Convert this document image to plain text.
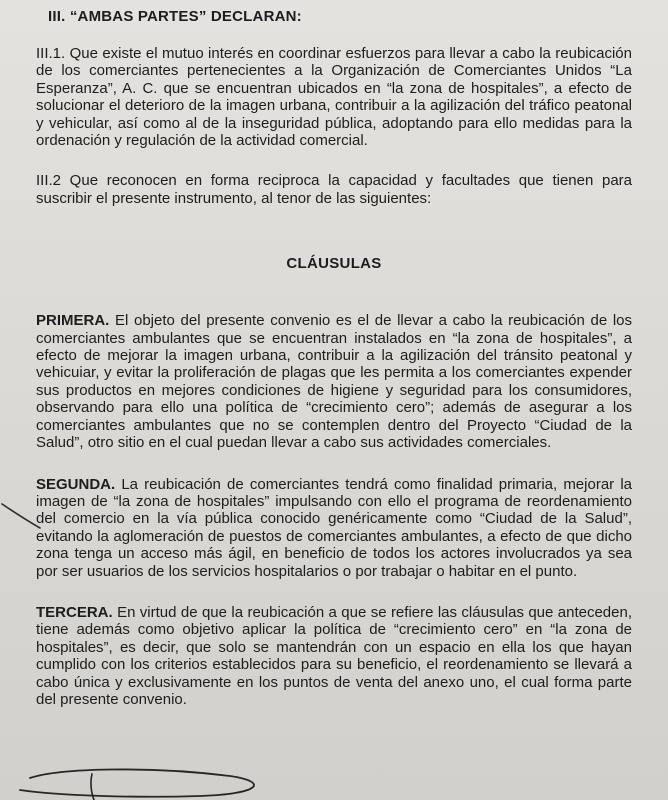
III. “AMBAS PARTES” DECLARAN:

III.1. Que existe el mutuo interés en coordinar esfuerzos para llevar a cabo la reubicación de los comerciantes pertenecientes a la Organización de Comerciantes Unidos “La Esperanza”, A. C. que se encuentran ubicados en “la zona de hospitales”, a efecto de solucionar el deterioro de la imagen urbana, contribuir a la agilización del tráfico peatonal y vehicular, así como al de la inseguridad pública, adoptando para ello medidas para la ordenación y regulación de la actividad comercial.

III.2 Que reconocen en forma reciproca la capacidad y facultades que tienen para suscribir el presente instrumento, al tenor de las siguientes:

CLÁUSULAS

PRIMERA. El objeto del presente convenio es el de llevar a cabo la reubicación de los comerciantes ambulantes que se encuentran instalados en “la zona de hospitales”, a efecto de mejorar la imagen urbana, contribuir a la agilización del tránsito peatonal y vehicuiar, y evitar la proliferación de plagas que les permita a los comerciantes expender sus productos en mejores condiciones de higiene y seguridad para los consumidores, observando para ello una política de “crecimiento cero”; además de asegurar a los comerciantes ambulantes que no se contemplen dentro del Proyecto “Ciudad de la Salud”, otro sitio en el cual puedan llevar a cabo sus actividades comerciales.

SEGUNDA. La reubicación de comerciantes tendrá como finalidad primaria, mejorar la imagen de “la zona de hospitales” impulsando con ello el programa de reordenamiento del comercio en la vía pública conocido genéricamente como “Ciudad de la Salud”, evitando la aglomeración de puestos de comerciantes ambulantes, a efecto de que dicho zona tenga un acceso más ágil, en beneficio de todos los actores involucrados ya sea por ser usuarios de los servicios hospitalarios o por trabajar o habitar en el punto.

TERCERA. En virtud de que la reubicación a que se refiere las cláusulas que anteceden, tiene además como objetivo aplicar la política de “crecimiento cero” en “la zona de hospitales”, es decir, que solo se mantendrán con un espacio en ella los que hayan cumplido con los criterios establecidos para su beneficio, el reordenamiento se llevará a cabo única y exclusivamente en los puntos de venta del anexo uno, el cual forma parte del presente convenio.
